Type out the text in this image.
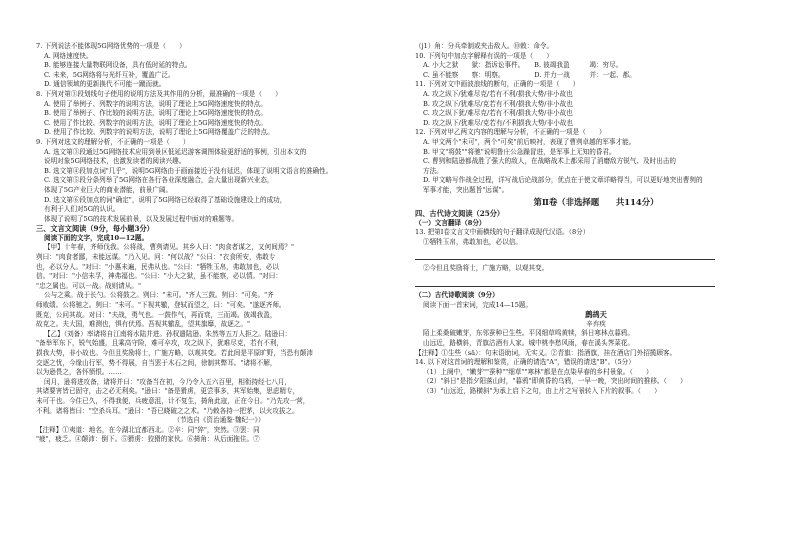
7. 下列说法不能体现5G网络优势的一项是（　　）
A. 网络速度快。
B. 能够连接大量物联网设备，具有低时延的特点。
C. 未来，5G网络将与光纤互补，覆盖广泛。
D. 通信领域的更新换代不可能一蹴而就。
8. 下列对第③段划线句子使用的说明方法及其作用的分析，最准确的一项是（　　）
A. 使用了举例子、列数字的说明方法，说明了理论上5G网络速度快的特点。
B. 使用了举例子、作比较的说明方法，说明了理论上5G网络速度快的特点。
C. 使用了作比较、列数字的说明方法，说明了理论上5G网络速度快的特点。
D. 使用了作比较、列数字的说明方法，说明了理论上5G网络覆盖广泛的特点。
9. 下列对选文的理解分析，不正确的一项是（　　）
A. 选文第③段通过5G网络技术应用到景区低延迟游客调图体验更舒适的事例，引出本文的
说明对象5G网络技术，也激发读者的阅读兴趣。
B. 选文第④段加点词"几乎"，说明5G网络由于画面接近于没有延迟，体现了说明文语言的准确性。
C. 选文第⑤段分条列举了5G网络在各行各业深度融合，会大量出现新兴业态，
体现了5G产业巨大的商业潜能，前景广阔。
D. 选文第⑥段加点的词"确定"，说明了5G网络已经取得了基础设施建设上的成功，
有利于人们对5G的认识。
体现了说明了5G的技术发展前景，以及发展过程中面对的难题等。
三、文言文阅读（9分，每小题3分）
阅读下面的文字，完成10—12题。
【甲】十年春，齐师伐我。公将战，曹刿请见。其乡人曰："肉食者谋之，又何间焉？"
刿曰："肉食者鄙，未能远谋。"乃入见。问："何以战？"公曰："衣食所安，弗敢专
也，必以分人。"对曰："小惠未遍，民弗从也。"公曰："牺牲玉帛，弗敢加也，必以
信。"对曰："小信未孚，神弗福也。"公曰："小大之狱，虽不能察，必以情。"对曰：
"忠之属也。可以一战。战则请从。"
公与之乘。战于长勺。公将鼓之。刿曰："未可。"齐人三鼓。刿曰："可矣。"齐
师败绩。公将驰之。刿曰："未可。"下视其辙，登轼而望之，曰："可矣。"遂逐齐师。
既克，公问其故。对曰："夫战，勇气也。一鼓作气，再而衰，三而竭。彼竭我盈，
故克之。夫大国，难测也，惧有伏焉。吾视其辙乱，望其旗靡，故逐之。"
【乙】（刘备）率诸将自江南将水陆并进。孙权遣陆逊、朱然等五万人拒之。陆逊曰：
"备举军东下，锐气始盛，且乘高守险，难可卒攻，攻之纵下，犹难尽克，若有不利，
损我大势，非小故也。今但且奖励将士，广施方略，以观其变。若此间是平原旷野，当恐有颠沛
交逐之忧，今缘山行军，势不得展，自当罢于木石之间，徐制其弊耳。"诸将不解，
以为逊畏之，各怀愤恨。……
闰月，逊将进攻备，诸将并曰："攻备当在初，今乃令入五六百里，相衔持经七八月，
其诸要害皆已固守，击之必无利矣。"逊曰："备是猾虏，更尝事多，其军始集，思虑精专，
未可干也。今住已久，不得我便，兵疲意沮，计不复生，掎角此寇，正在今日。"乃先攻一营，
不利。诸将皆曰："空杀兵耳。"逊曰："吾已晓破之之术。"乃敕各持一把茅，以火攻拔之。
（节选自《资治通鉴·魏纪一》）
【注释】①夷道：地名，在今湖北宜都西北。②卒：同"猝"，突然。③罢：同
"疲"，疲乏。④颠沛：倒下。⑤猾虏：狡猾的家伙。⑥掎角：从后面拖住。⑦
（j1）角：分兵牵制或夹击敌人。⑩敕：命令。
10. 下列句中加点字解释有误的一项是（　　）
A. 小大之狱　　狱：指诉讼事件。　　B. 彼竭我盈　　　竭：穷尽。
C. 虽不能察　　察：明察。　　　　　D. 并力一战　　　并：一起、都。
11. 下列对文中画波浪线的断句，正确的一项是（　　）
A. 攻之纵下/犹难尽克/若有不利/损我大势/非小故也
B. 攻之纵下/犹难尽/克若有不利/损我大势/非小故也
C. 攻之纵下犹/难尽克/若有不利/损我大势/非小故也
D. 攻之纵下/犹难尽/克若有/不利损我大势/非小故也
12. 下列对甲乙两文内容的理解与分析，不正确的一项是（　　）
A. 甲文两个"未可"，两个"可矣"前后映衬，表现了曹刿卓越的军事才能。
B. 甲文"将鼓""将驰"说明鲁庄公急躁冒进，是军事上无知的昏君。
C. 曹刿和陆逊都战胜了强大的敌人，在战略战术上都采用了消磨敌方锐气、及时出击的
方法。
D. 甲文略写作战全过程，详写战后论战部分，优点在于使文章详略得当，可以更好地突出曹刿的
军事才能，突出题旨"远谋"。
第Ⅱ卷（非选择题　　共114分）
四、古代诗文阅读（25分）
（一）文言翻译（8分）
13. 把第Ⅰ卷文言文中画横线的句子翻译成现代汉语。（8分）
①牺牲玉帛，弗敢加也，必以信。
②今但且奖励将士，广施方略，以观其变。
（二）古代诗歌阅读（9分）
阅读下面一首宋词，完成14—15题。
鹧鸪天
辛弃疾
陌上柔桑破嫩芽，东邻蚕种已生些。平冈细草鸣黄犊，斜日寒林点暮鸦。
山远近，路横斜，青旗沽酒有人家。城中桃李愁风雨，春在溪头荠菜花。
【注释】①生些（sā）：句末语助词，无实义。②青旗：指酒旗，挂在酒店门外招揽顾客。
14. 以下对这首词的理解和鉴赏，正确的请选"A"，错误的请选"B"。（5分）
（1）上阕中，"嫩芽""蚕种""细草""寒林"都是在点染早春的乡村景象。（　　）
（2）"斜日"是指夕阳落山时，"暮鸦"即黄昏的乌鸦，一早一晚，突出时间的推移。（　　）
（3）"山远近，路横斜"为承上启下之句，由上片之写景转入下片的叙事。（　　）
